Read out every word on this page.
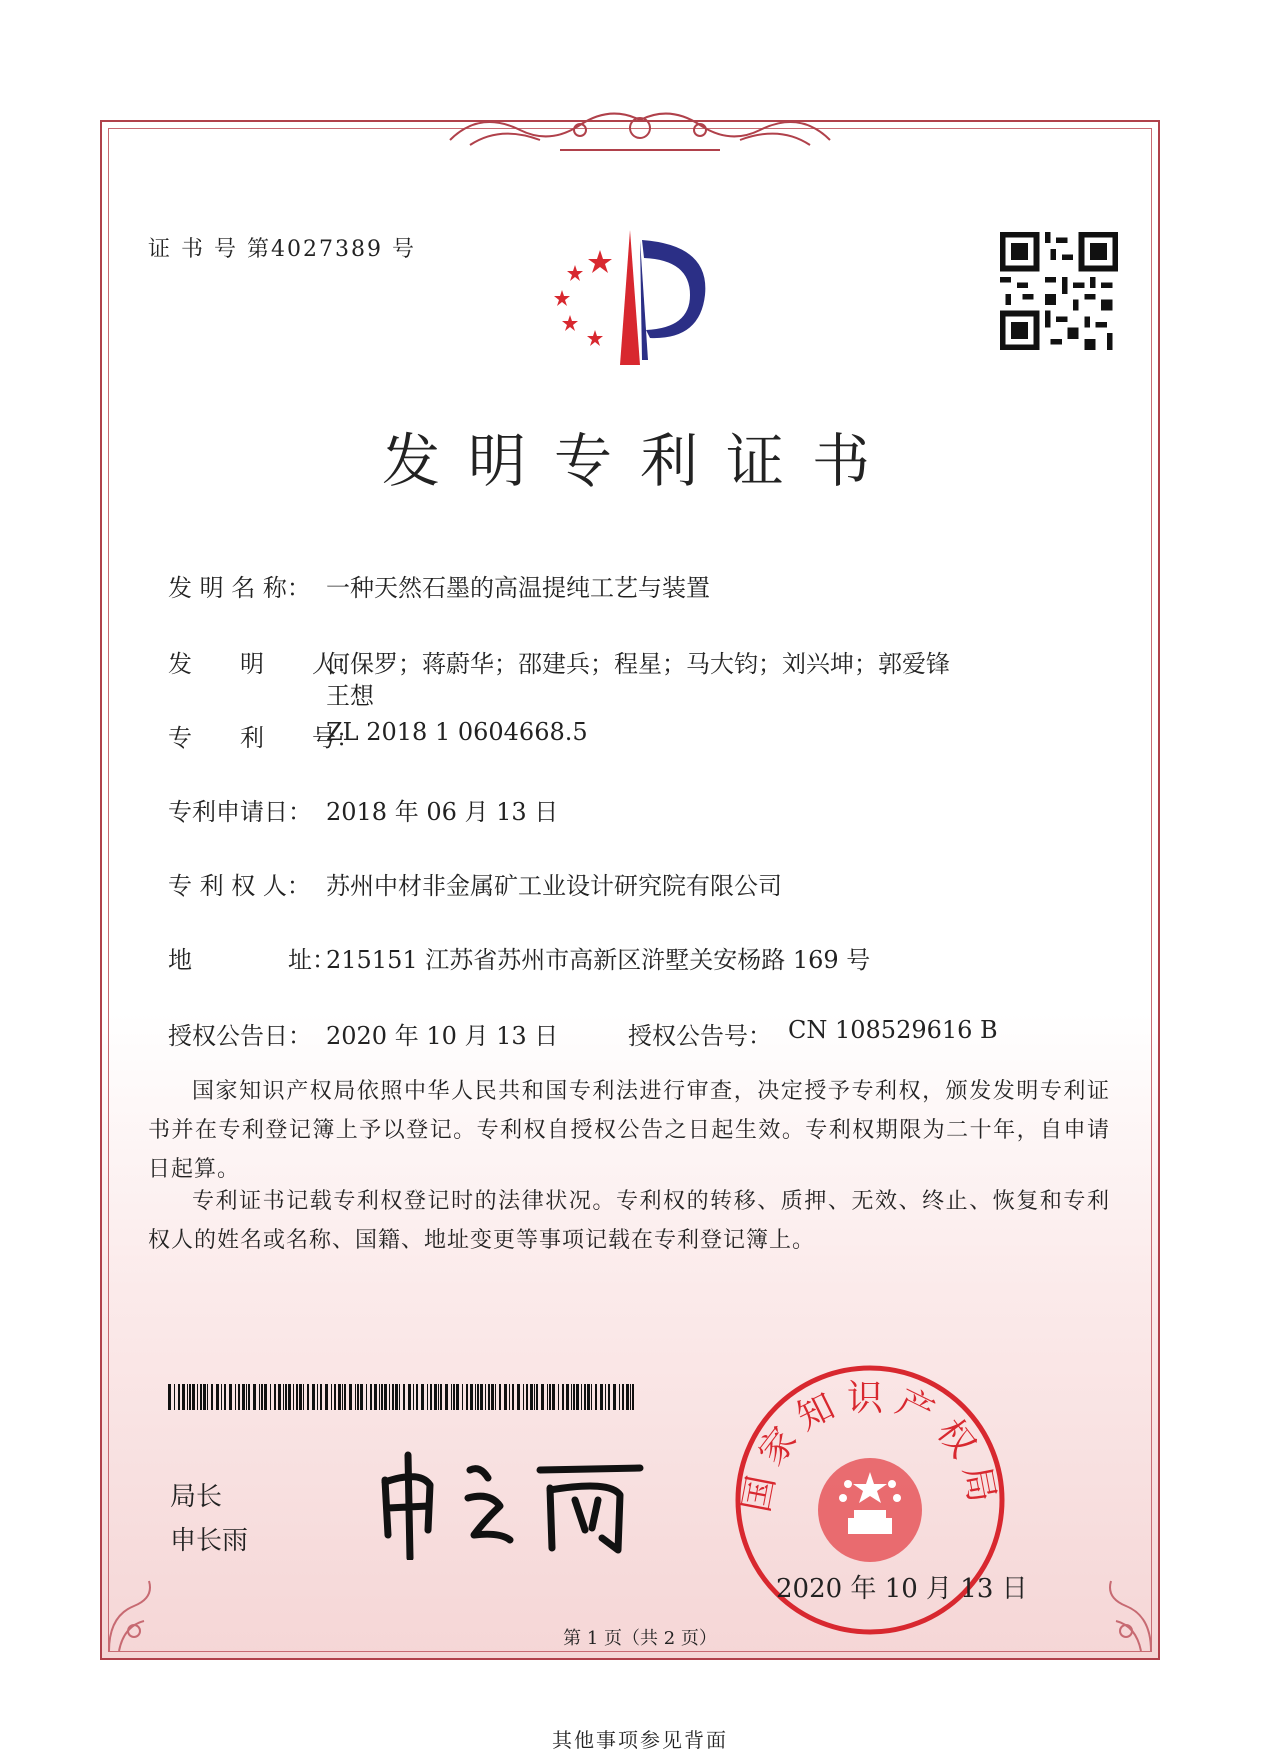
证 书 号 第4027389 号
发明专利证书
发 明 名 称： 一种天然石墨的高温提纯工艺与装置
发　　明　　人：
何保罗；蒋蔚华；邵建兵；程星；马大钧；刘兴坤；郭爱锋
王想
专　　利　　号：
ZL 2018 1 0604668.5
专利申请日： 2018 年 06 月 13 日
专 利 权 人： 苏州中材非金属矿工业设计研究院有限公司
地　　　　址：
215151 江苏省苏州市高新区浒墅关安杨路 169 号
授权公告日： 2020 年 10 月 13 日	授权公告号： CN 108529616 B
国家知识产权局依照中华人民共和国专利法进行审查，决定授予专利权，颁发发明专利证书并在专利登记簿上予以登记。专利权自授权公告之日起生效。专利权期限为二十年，自申请日起算。
专利证书记载专利权登记时的法律状况。专利权的转移、质押、无效、终止、恢复和专利权人的姓名或名称、国籍、地址变更等事项记载在专利登记簿上。
局长
申长雨
国家知识产权局
2020 年 10 月 13 日
第 1 页（共 2 页）
其他事项参见背面
